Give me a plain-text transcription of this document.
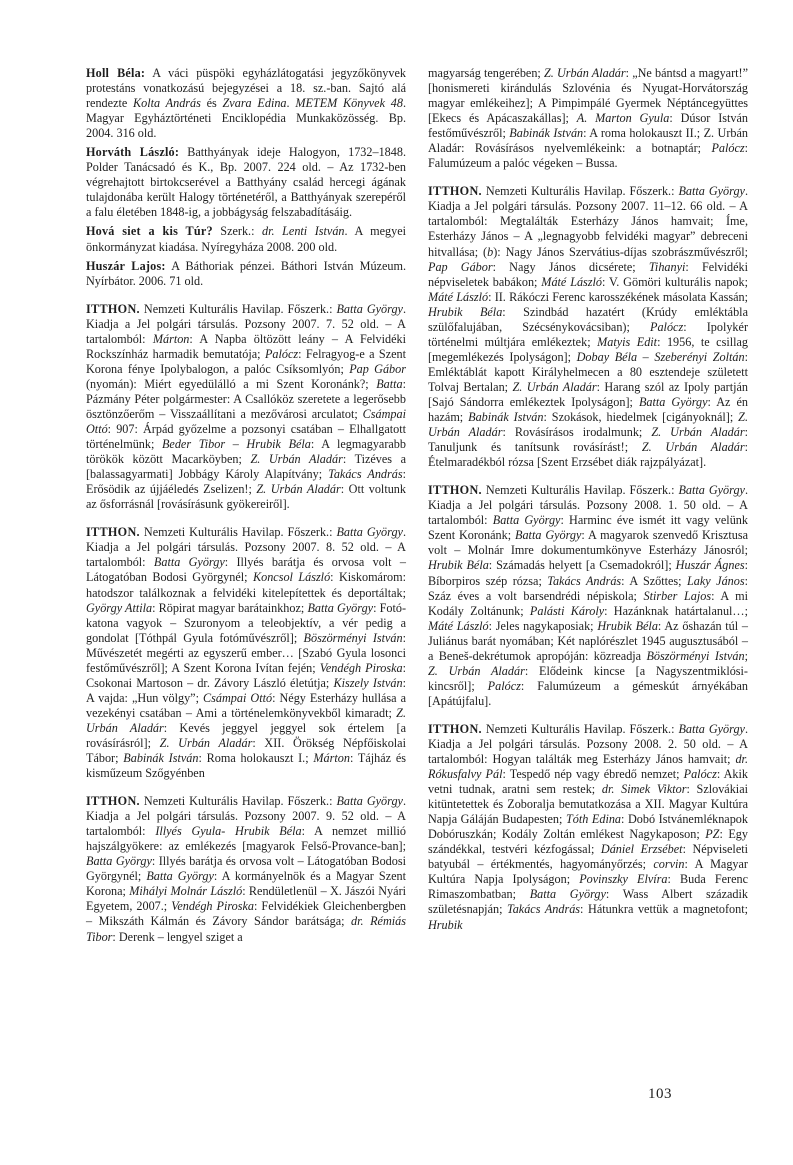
Holl Béla: A váci püspöki egyházlátogatási jegyzőkönyvek protestáns vonatkozású bejegyzései a 18. sz.-ban. Sajtó alá rendezte Kolta András és Zvara Edina. METEM Könyvek 48. Magyar Egyháztörténeti Enciklopédia Munkaközösség. Bp. 2004. 316 old.

Horváth László: Batthyányak ideje Halogyon, 1732–1848. Polder Tanácsadó és K., Bp. 2007. 224 old. – Az 1732-ben végrehajtott birtokcserével a Batthyány család hercegi ágának tulajdonába került Halogy történetéről, a Batthyányak szerepéről a falu életében 1848-ig, a jobbágyság felszabadításáig.

Hová siet a kis Túr? Szerk.: dr. Lenti István. A megyei önkormányzat kiadása. Nyíregyháza 2008. 200 old.

Huszár Lajos: A Báthoriak pénzei. Báthori István Múzeum. Nyírbátor. 2006. 71 old.

ITTHON. Nemzeti Kulturális Havilap. Főszerk.: Batta György. Kiadja a Jel polgári társulás. Pozsony 2007. 7. 52 old. – A tartalomból: Márton: A Napba öltözött leány – A Felvidéki Rockszínház harmadik bemutatója; Palócz: Felragyog-e a Szent Korona fénye Ipolybalogon, a palóc Csíksomlyón; Pap Gábor (nyomán): Miért egyedülálló a mi Szent Koronánk?; Batta: Pázmány Péter polgármester: A Csallóköz szeretete a legerősebb ösztönzőerőm – Visszaállítani a mezővárosi arculatot; Csámpai Ottó: 907: Árpád győzelme a pozsonyi csatában – Elhallgatott történelmünk; Beder Tibor – Hrubik Béla: A legmagyarabb törökök között Macarköyben; Z. Urbán Aladár: Tizéves a [balassagyarmati] Jobbágy Károly Alapítvány; Takács András: Erősödik az újjáéledés Zselizen!; Z. Urbán Aladár: Ott voltunk az ősforrásnál [rovásírásunk gyökereiről].

ITTHON. Nemzeti Kulturális Havilap. Főszerk.: Batta György. Kiadja a Jel polgári társulás. Pozsony 2007. 8. 52 old. – A tartalomból: Batta György: Illyés barátja és orvosa volt – Látogatóban Bodosi Györgynél; Koncsol László: Kiskomárom: hatodszor találkoznak a felvidéki kitelepítettek és deportáltak; György Attila: Röpirat magyar barátainkhoz; Batta György: Fotó-katona vagyok – Szuronyom a teleobjektív, a vér pedig a gondolat [Tóthpál Gyula fotóművészről]; Böszörményi István: Művészetét megérti az egyszerű ember… [Szabó Gyula losonci festőművészről]; A Szent Korona Ivítan fején; Vendégh Piroska: Csokonai Martoson – dr. Závory László életútja; Kiszely István: A vajda: „Hun völgy”; Csámpai Ottó: Négy Esterházy hullása a vezekényi csatában – Ami a történelemkönyvekből kimaradt; Z. Urbán Aladár: Kevés jeggyel jeggyel sok értelem [a rovásírásról]; Z. Urbán Aladár: XII. Örökség Népfőiskolai Tábor; Babinák István: Roma holokauszt I.; Márton: Tájház és kisműzeum Szőgyénben

ITTHON. Nemzeti Kulturális Havilap. Főszerk.: Batta György. Kiadja a Jel polgári társulás. Pozsony 2007. 9. 52 old. – A tartalomból: Illyés Gyula- Hrubik Béla: A nemzet millió hajszálgyökere: az emlékezés [magyarok Felső-Provance-ban]; Batta György: Illyés barátja és orvosa volt – Látogatóban Bodosi Györgynél; Batta György: A kormányelnök és a Magyar Szent Korona; Mihályi Molnár László: Rendületlenül – X. Jászói Nyári Egyetem, 2007.; Vendégh Piroska: Felvidékiek Gleichenbergben – Mikszáth Kálmán és Závory Sándor barátsága; dr. Rémiás Tibor: Derenk – lengyel sziget a

magyarság tengerében; Z. Urbán Aladár: „Ne bántsd a magyart!” [honismereti kirándulás Szlovénia és Nyugat-Horvátország magyar emlékeihez]; A Pimpimpálé Gyermek Néptáncegyüttes [Ekecs és Apácaszakállas]; A. Marton Gyula: Dúsor István festőművészről; Babinák István: A roma holokauszt II.; Z. Urbán Aladár: Rovásírásos nyelvemlékeink: a botnaptár; Palócz: Falumúzeum a palóc végeken – Bussa.

ITTHON. Nemzeti Kulturális Havilap. Főszerk.: Batta György. Kiadja a Jel polgári társulás. Pozsony 2007. 11–12. 66 old. – A tartalomból: Megtalálták Esterházy János hamvait; Íme, Esterházy János – A „legnagyobb felvidéki magyar” debreceni hitvallása; (b): Nagy János Szervátius-díjas szobrászművészről; Pap Gábor: Nagy János dicsérete; Tihanyi: Felvidéki népviseletek babákon; Máté László: V. Gömöri kulturális napok; Máté László: II. Rákóczi Ferenc karosszékének másolata Kassán; Hrubik Béla: Szindbád hazatért (Krúdy emléktábla szülőfalujában, Szécsénykovácsiban); Palócz: Ipolykér történelmi múltjára emlékeztek; Matyis Edit: 1956, te csillag [megemlékezés Ipolyságon]; Dobay Béla – Szeberényi Zoltán: Emléktáblát kapott Királyhelmecen a 80 esztendeje született Tolvaj Bertalan; Z. Urbán Aladár: Harang szól az Ipoly partján [Sajó Sándorra emlékeztek Ipolyságon]; Batta György: Az én hazám; Babinák István: Szokások, hiedelmek [cigányoknál]; Z. Urbán Aladár: Rovásírásos irodalmunk; Z. Urbán Aladár: Tanuljunk és tanítsunk rovásírást!; Z. Urbán Aladár: Ételmaradékból rózsa [Szent Erzsébet diák rajzpályázat].

ITTHON. Nemzeti Kulturális Havilap. Főszerk.: Batta György. Kiadja a Jel polgári társulás. Pozsony 2008. 1. 50 old. – A tartalomból: Batta György: Harminc éve ismét itt vagy velünk Szent Koronánk; Batta György: A magyarok szenvedő Krisztusa volt – Molnár Imre dokumentumkönyve Esterházy Jánosról; Hrubik Béla: Számadás helyett [a Csemadokról]; Huszár Ágnes: Bíborpiros szép rózsa; Takács András: A Szőttes; Laky János: Száz éves a volt barsendrédi népiskola; Stirber Lajos: A mi Kodály Zoltánunk; Palásti Károly: Hazánknak határtalanul…; Máté László: Jeles nagykaposiak; Hrubik Béla: Az őshazán túl – Juliánus barát nyomában; Két naplórészlet 1945 augusztusából – a Beneš-dekrétumok apropóján: közreadja Böszörményi István; Z. Urbán Aladár: Elődeink kincse [a Nagyszentmiklósi-kincsről]; Palócz: Falumúzeum a gémeskút árnyékában [Apátújfalu].

ITTHON. Nemzeti Kulturális Havilap. Főszerk.: Batta György. Kiadja a Jel polgári társulás. Pozsony 2008. 2. 50 old. – A tartalomból: Hogyan találták meg Esterházy János hamvait; dr. Rókusfalvy Pál: Tespedő nép vagy ébredő nemzet; Palócz: Akik vetni tudnak, aratni sem restek; dr. Simek Viktor: Szlovákiai kitüntetettek és Zoboralja bemutatkozása a XII. Magyar Kultúra Napja Gáláján Budapesten; Tóth Edina: Dobó Istvánemléknapok Dobóruszkán; Kodály Zoltán emlékest Nagykaposon; PZ: Egy szándékkal, testvéri kézfogással; Dániel Erzsébet: Népviseleti batyubál – értékmentés, hagyományőrzés; corvin: A Magyar Kultúra Napja Ipolyságon; Povinszky Elvíra: Buda Ferenc Rimaszombatban; Batta György: Wass Albert századik születésnapján; Takács András: Hátunkra vettük a magnetofont; Hrubik

103
